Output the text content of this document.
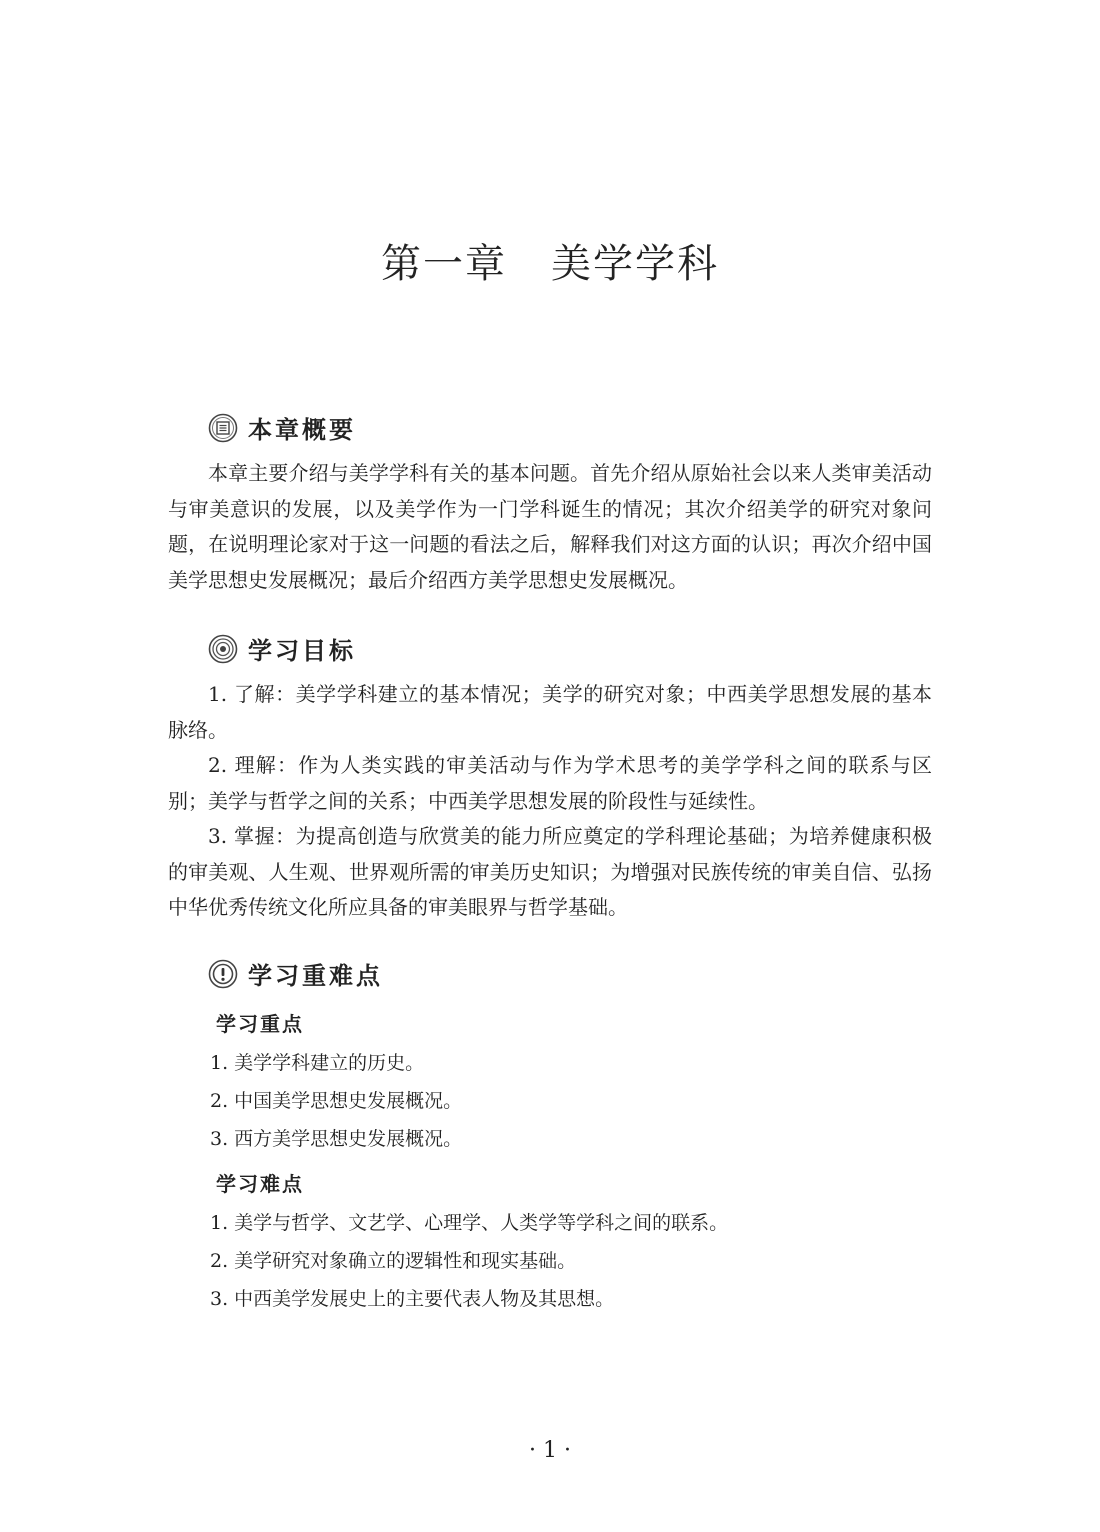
第一章 美学学科
本章概要

本章主要介绍与美学学科有关的基本问题。首先介绍从原始社会以来人类审美活动与审美意识的发展，以及美学作为一门学科诞生的情况；其次介绍美学的研究对象问题，在说明理论家对于这一问题的看法之后，解释我们对这方面的认识；再次介绍中国美学思想史发展概况；最后介绍西方美学思想史发展概况。

学习目标

1. 了解：美学学科建立的基本情况；美学的研究对象；中西美学思想发展的基本脉络。

2. 理解：作为人类实践的审美活动与作为学术思考的美学学科之间的联系与区别；美学与哲学之间的关系；中西美学思想发展的阶段性与延续性。

3. 掌握：为提高创造与欣赏美的能力所应奠定的学科理论基础；为培养健康积极的审美观、人生观、世界观所需的审美历史知识；为增强对民族传统的审美自信、弘扬中华优秀传统文化所应具备的审美眼界与哲学基础。

学习重难点
学习重点
1. 美学学科建立的历史。
2. 中国美学思想史发展概况。
3. 西方美学思想史发展概况。
学习难点
1. 美学与哲学、文艺学、心理学、人类学等学科之间的联系。
2. 美学研究对象确立的逻辑性和现实基础。
3. 中西美学发展史上的主要代表人物及其思想。
· 1 ·
